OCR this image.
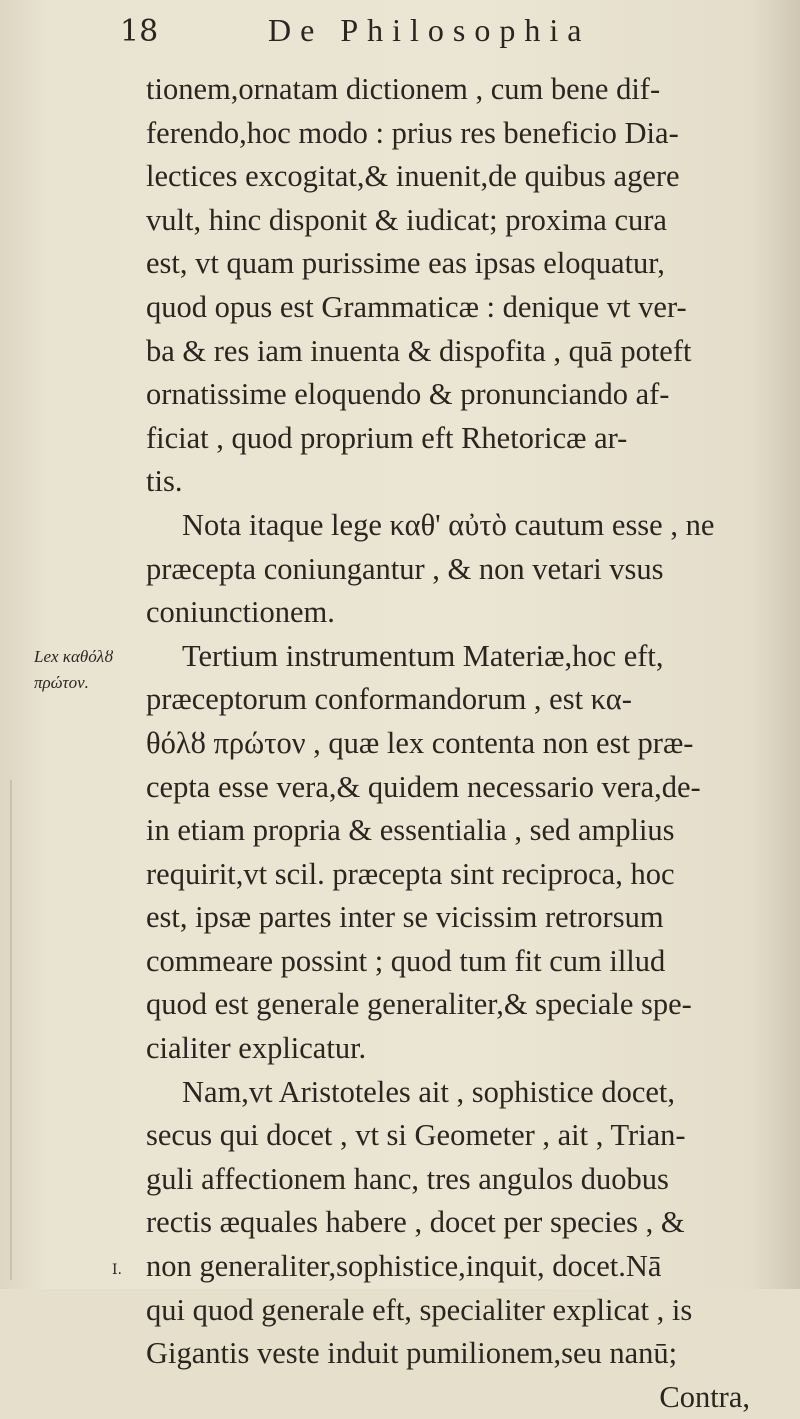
18	De Philosophia
Lex καθόλȣ
πρώτον.
tionem,ornatam dictionem , cum bene dif-
ferendo,hoc modo : prius res beneficio Dia-
lectices excogitat,& inuenit,de quibus agere
vult, hinc disponit & iudicat; proxima cura
est, vt quam purissime eas ipsas eloquatur,
quod opus est Grammaticæ : denique vt ver-
ba & res iam inuenta & dispofita , quā poteft
ornatissime eloquendo & pronunciando af-
ficiat , quod proprium eft Rhetoricæ ar-
tis.
Nota itaque lege καθ' αὐτὸ cautum esse , ne
præcepta coniungantur , & non vetari vsus
coniunctionem.
Tertium instrumentum Materiæ,hoc eft,
præceptorum conformandorum , est κα-
θόλȣ πρώτον , quæ lex contenta non est præ-
cepta esse vera,& quidem necessario vera,de-
in etiam propria & essentialia , sed amplius
requirit,vt scil. præcepta sint reciproca, hoc
est, ipsæ partes inter se vicissim retrorsum
commeare possint ; quod tum fit cum illud
quod est generale generaliter,& specialе spe-
cialiter explicatur.
Nam,vt Aristoteles ait , sophistice docet,
secus qui docet , vt si Geometer , ait , Trian-
guli affectionem hanc, tres angulos duobus
rectis æquales habere , docet per species , &
non generaliter,sophistice,inquit, docet.Nā
qui quod generale eft, specialiter explicat , is
Gigantis veste induit pumilionem,seu nanū;
Contra,
I.
